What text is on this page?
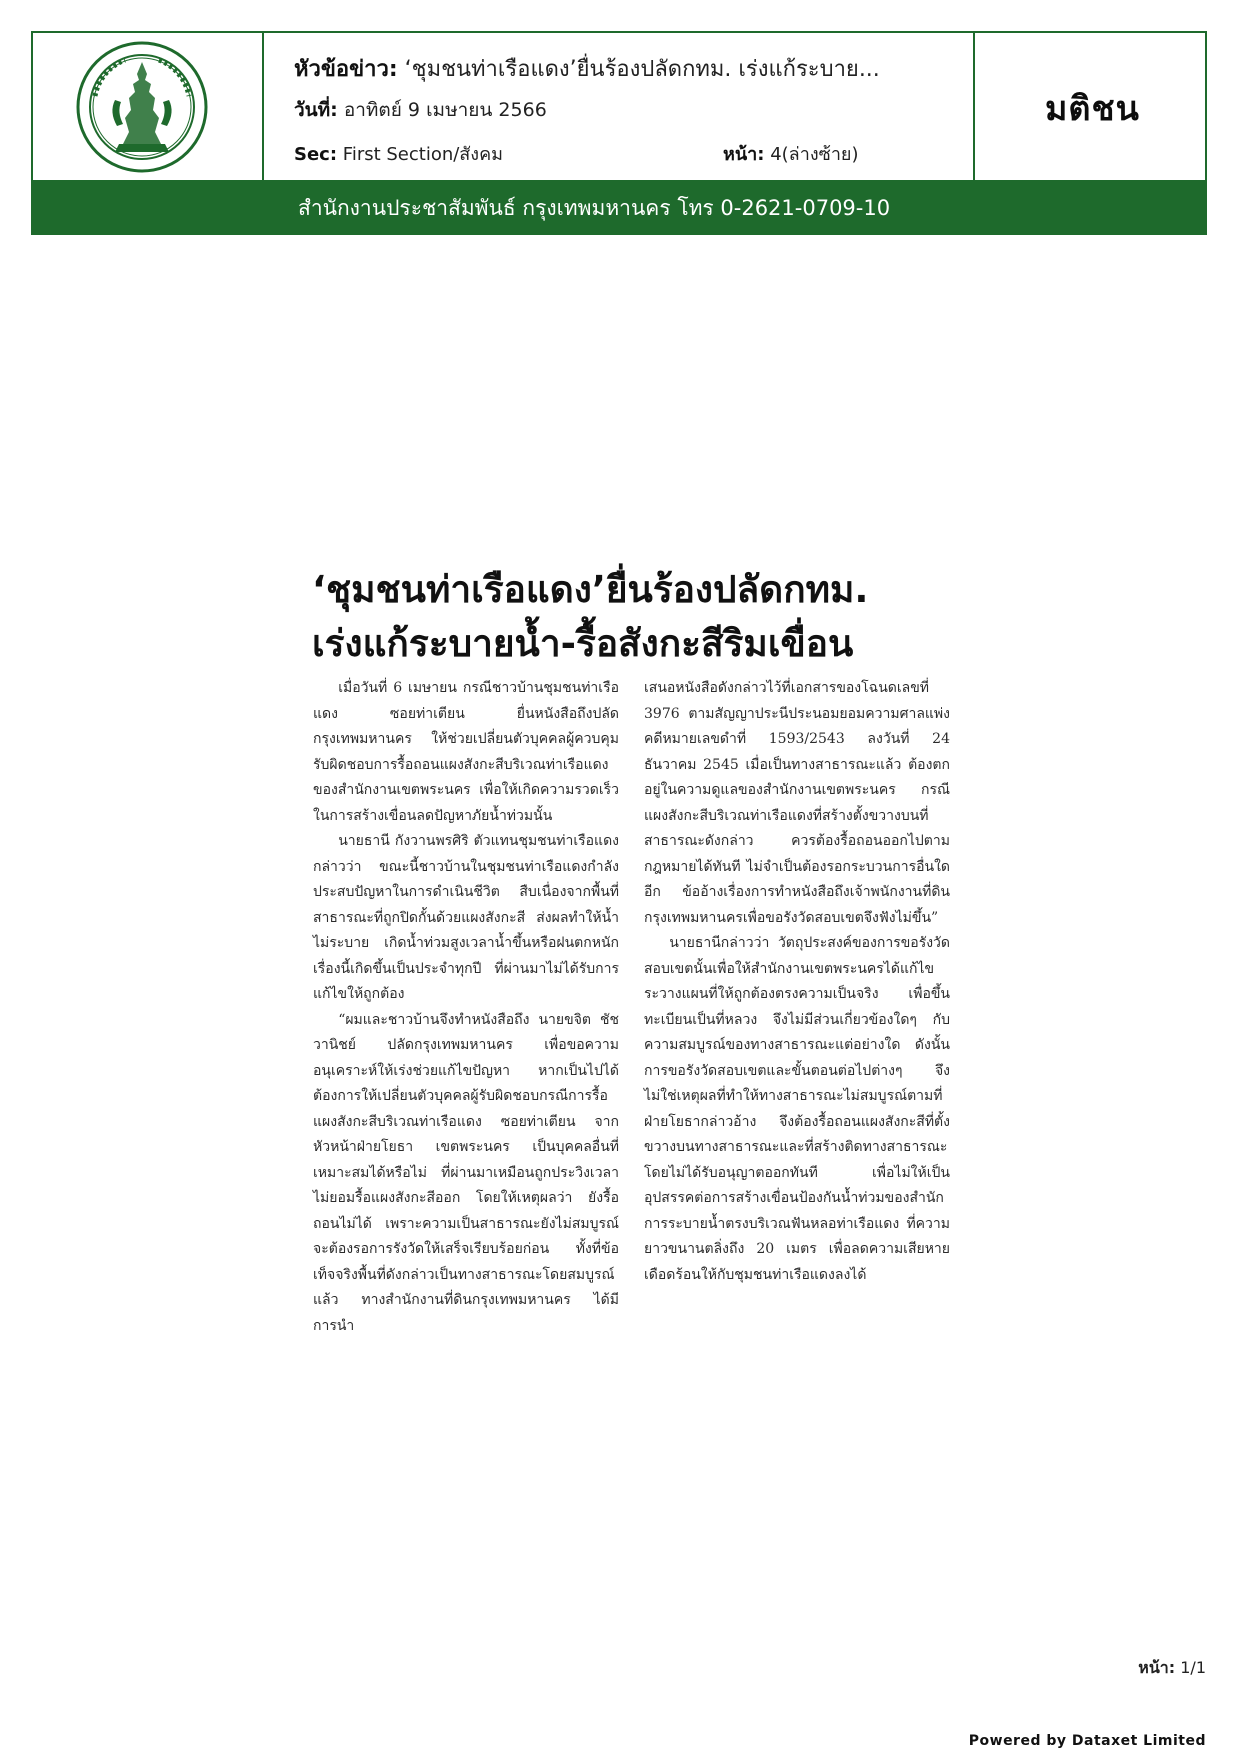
หัวข้อข่าว: ‘ชุมชนท่าเรือแดง’ยื่นร้องปลัดกทม. เร่งแก้ระบาย...
วันที่: อาทิตย์ 9 เมษายน 2566
Sec: First Section/สังคม	หน้า: 4(ล่างซ้าย)
มติชน
สำนักงานประชาสัมพันธ์ กรุงเทพมหานคร โทร 0-2621-0709-10
‘ชุมชนท่าเรือแดง’ยื่นร้องปลัดกทม.
เร่งแก้ระบายน้ำ-รื้อสังกะสีริมเขื่อน

เมื่อวันที่ 6 เมษายน กรณีชาวบ้านชุมชนท่าเรือแดง ซอยท่าเตียน ยื่นหนังสือถึงปลัดกรุงเทพมหานคร ให้ช่วยเปลี่ยนตัวบุคคลผู้ควบคุมรับผิดชอบการรื้อถอนแผงสังกะสีบริเวณท่าเรือแดงของสำนักงานเขตพระนคร เพื่อให้เกิดความรวดเร็วในการสร้างเขื่อนลดปัญหาภัยน้ำท่วมนั้น

นายธานี กังวานพรศิริ ตัวแทนชุมชนท่าเรือแดง กล่าวว่า ขณะนี้ชาวบ้านในชุมชนท่าเรือแดงกำลังประสบปัญหาในการดำเนินชีวิต สืบเนื่องจากพื้นที่สาธารณะที่ถูกปิดกั้นด้วยแผงสังกะสี ส่งผลทำให้น้ำไม่ระบาย เกิดน้ำท่วมสูงเวลาน้ำขึ้นหรือฝนตกหนัก เรื่องนี้เกิดขึ้นเป็นประจำทุกปี ที่ผ่านมาไม่ได้รับการแก้ไขให้ถูกต้อง

“ผมและชาวบ้านจึงทำหนังสือถึง นายขจิต ชัชวานิชย์ ปลัดกรุงเทพมหานคร เพื่อขอความอนุเคราะห์ให้เร่งช่วยแก้ไขปัญหา หากเป็นไปได้ต้องการให้เปลี่ยนตัวบุคคลผู้รับผิดชอบกรณีการรื้อแผงสังกะสีบริเวณท่าเรือแดง ซอยท่าเตียน จากหัวหน้าฝ่ายโยธา เขตพระนคร เป็นบุคคลอื่นที่เหมาะสมได้หรือไม่ ที่ผ่านมาเหมือนถูกประวิงเวลาไม่ยอมรื้อแผงสังกะสีออก โดยให้เหตุผลว่า ยังรื้อถอนไม่ได้ เพราะความเป็นสาธารณะยังไม่สมบูรณ์ จะต้องรอการรังวัดให้เสร็จเรียบร้อยก่อน ทั้งที่ข้อเท็จจริงพื้นที่ดังกล่าวเป็นทางสาธารณะโดยสมบูรณ์แล้ว ทางสำนักงานที่ดินกรุงเทพมหานคร ได้มีการนำ

เสนอหนังสือดังกล่าวไว้ที่เอกสารของโฉนดเลขที่ 3976 ตามสัญญาประนีประนอมยอมความศาลแพ่ง คดีหมายเลขดำที่ 1593/2543 ลงวันที่ 24 ธันวาคม 2545 เมื่อเป็นทางสาธารณะแล้ว ต้องตกอยู่ในความดูแลของสำนักงานเขตพระนคร กรณีแผงสังกะสีบริเวณท่าเรือแดงที่สร้างตั้งขวางบนที่สาธารณะดังกล่าว ควรต้องรื้อถอนออกไปตามกฎหมายได้ทันที ไม่จำเป็นต้องรอกระบวนการอื่นใดอีก ข้ออ้างเรื่องการทำหนังสือถึงเจ้าพนักงานที่ดินกรุงเทพมหานครเพื่อขอรังวัดสอบเขตจึงฟังไม่ขึ้น”

นายธานีกล่าวว่า วัตถุประสงค์ของการขอรังวัดสอบเขตนั้นเพื่อให้สำนักงานเขตพระนครได้แก้ไขระวางแผนที่ให้ถูกต้องตรงความเป็นจริง เพื่อขึ้นทะเบียนเป็นที่หลวง จึงไม่มีส่วนเกี่ยวข้องใดๆ กับความสมบูรณ์ของทางสาธารณะแต่อย่างใด ดังนั้น การขอรังวัดสอบเขตและขั้นตอนต่อไปต่างๆ จึงไม่ใช่เหตุผลที่ทำให้ทางสาธารณะไม่สมบูรณ์ตามที่ฝ่ายโยธากล่าวอ้าง จึงต้องรื้อถอนแผงสังกะสีที่ตั้งขวางบนทางสาธารณะและที่สร้างติดทางสาธารณะโดยไม่ได้รับอนุญาตออกทันที เพื่อไม่ให้เป็นอุปสรรคต่อการสร้างเขื่อนป้องกันน้ำท่วมของสำนักการระบายน้ำตรงบริเวณฟันหลอท่าเรือแดง ที่ความยาวขนานตลิ่งถึง 20 เมตร เพื่อลดความเสียหายเดือดร้อนให้กับชุมชนท่าเรือแดงลงได้

หน้า: 1/1
Powered by Dataxet Limited
